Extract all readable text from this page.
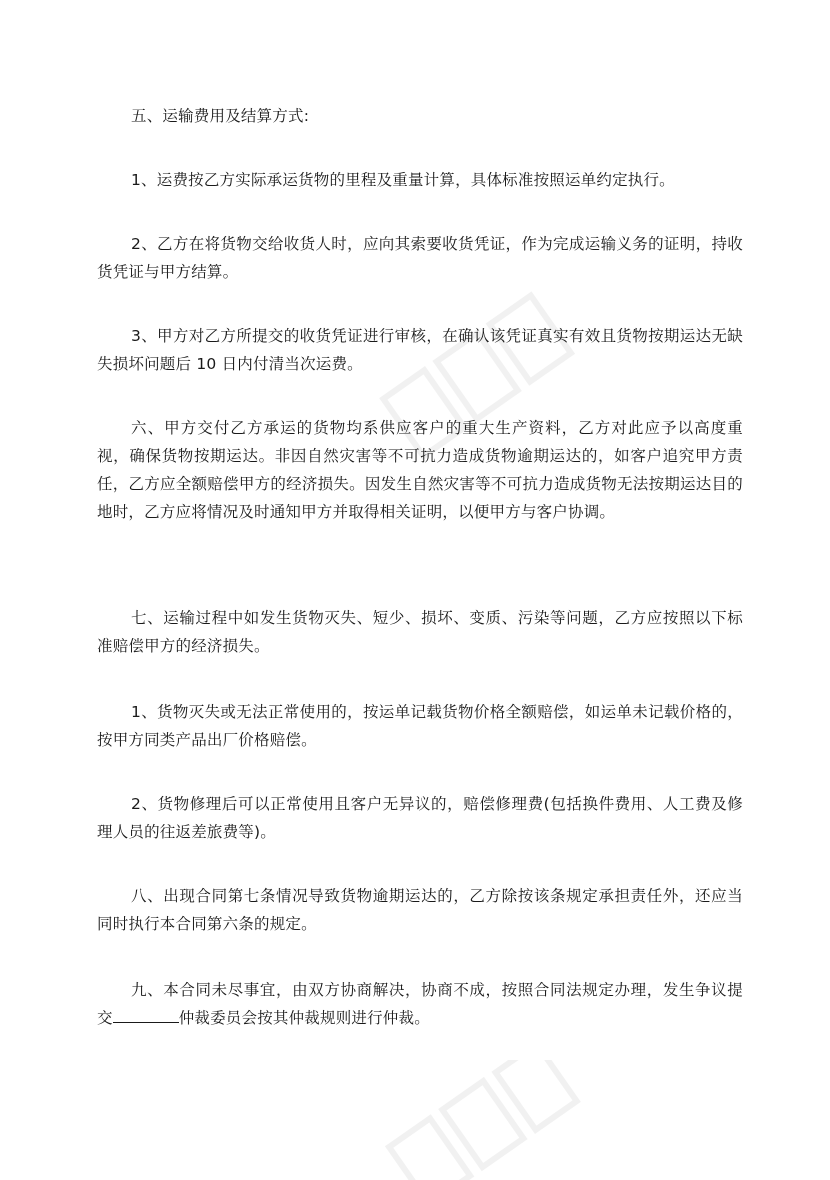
五、运输费用及结算方式:

1、运费按乙方实际承运货物的里程及重量计算，具体标准按照运单约定执行。

2、乙方在将货物交给收货人时，应向其索要收货凭证，作为完成运输义务的证明，持收货凭证与甲方结算。

3、甲方对乙方所提交的收货凭证进行审核，在确认该凭证真实有效且货物按期运达无缺失损坏问题后 10 日内付清当次运费。

六、甲方交付乙方承运的货物均系供应客户的重大生产资料，乙方对此应予以高度重视，确保货物按期运达。非因自然灾害等不可抗力造成货物逾期运达的，如客户追究甲方责任，乙方应全额赔偿甲方的经济损失。因发生自然灾害等不可抗力造成货物无法按期运达目的地时，乙方应将情况及时通知甲方并取得相关证明，以便甲方与客户协调。

七、运输过程中如发生货物灭失、短少、损坏、变质、污染等问题，乙方应按照以下标准赔偿甲方的经济损失。

1、货物灭失或无法正常使用的，按运单记载货物价格全额赔偿，如运单未记载价格的，按甲方同类产品出厂价格赔偿。

2、货物修理后可以正常使用且客户无异议的，赔偿修理费(包括换件费用、人工费及修理人员的往返差旅费等)。

八、出现合同第七条情况导致货物逾期运达的，乙方除按该条规定承担责任外，还应当同时执行本合同第六条的规定。

九、本合同未尽事宜，由双方协商解决，协商不成，按照合同法规定办理，发生争议提交	仲裁委员会按其仲裁规则进行仲裁。
